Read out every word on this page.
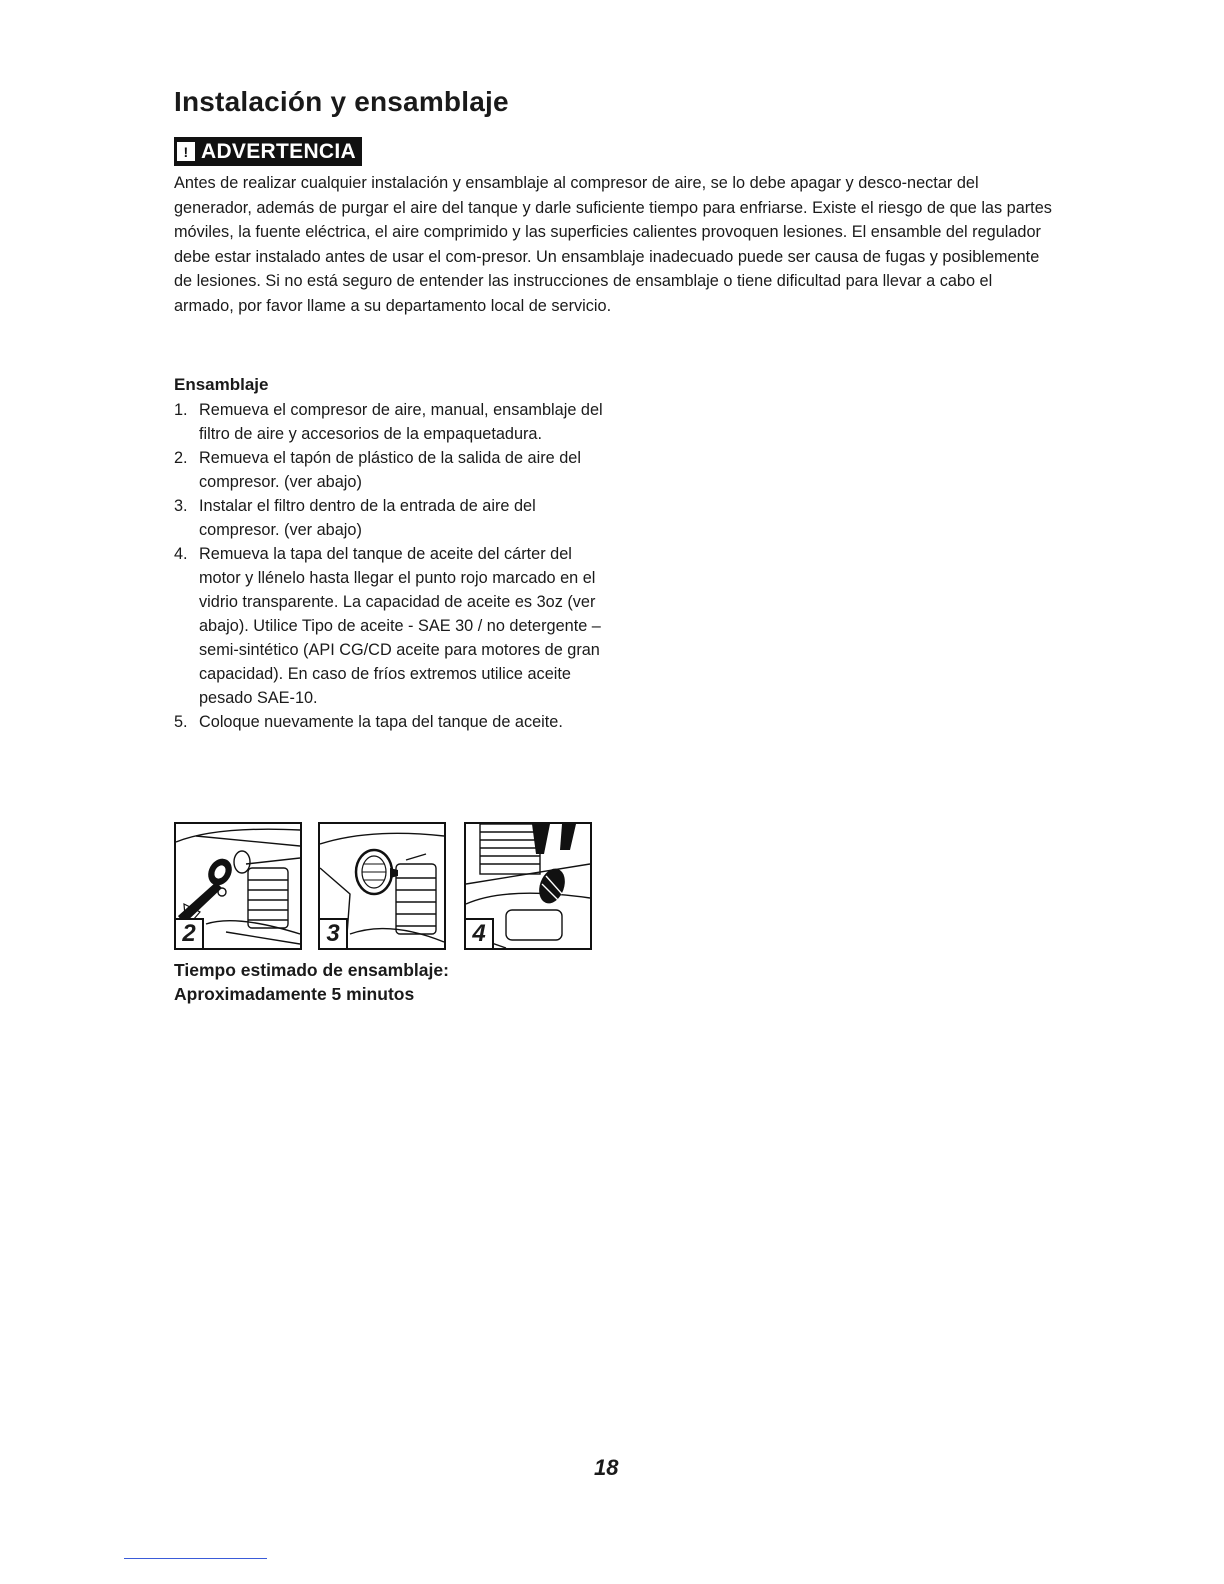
Instalación y ensamblaje
! ADVERTENCIA

Antes de realizar cualquier instalación y ensamblaje al compresor de aire, se lo debe apagar y desco-nectar del generador, además de purgar el aire del tanque y darle suficiente tiempo para enfriarse. Existe el riesgo de que las partes móviles, la fuente eléctrica, el aire comprimido y las superficies calientes provoquen lesiones. El ensamble del regulador debe estar instalado antes de usar el com-presor. Un ensamblaje inadecuado puede ser causa de fugas y posiblemente de lesiones. Si no está seguro de entender las instrucciones de ensamblaje o tiene dificultad para llevar a cabo el armado, por favor llame a su departamento local de servicio.

Ensamblaje
1. Remueva el compresor de aire, manual, ensamblaje del filtro de aire y accesorios de la empaquetadura.
2. Remueva el tapón de plástico de la salida de aire del compresor. (ver abajo)
3. Instalar el filtro dentro de la entrada de aire del compresor. (ver abajo)
4. Remueva la tapa del tanque de aceite del cárter del motor y llénelo hasta llegar el punto rojo marcado en el vidrio transparente. La capacidad de aceite es 3oz (ver abajo). Utilice Tipo de aceite - SAE 30 / no detergente – semi-sintético (API CG/CD aceite para motores de gran capacidad). En caso de fríos extremos utilice aceite pesado SAE-10.
5. Coloque nuevamente la tapa del tanque de aceite.
2	3	4
Tiempo estimado de ensamblaje:
Aproximadamente 5 minutos
18
